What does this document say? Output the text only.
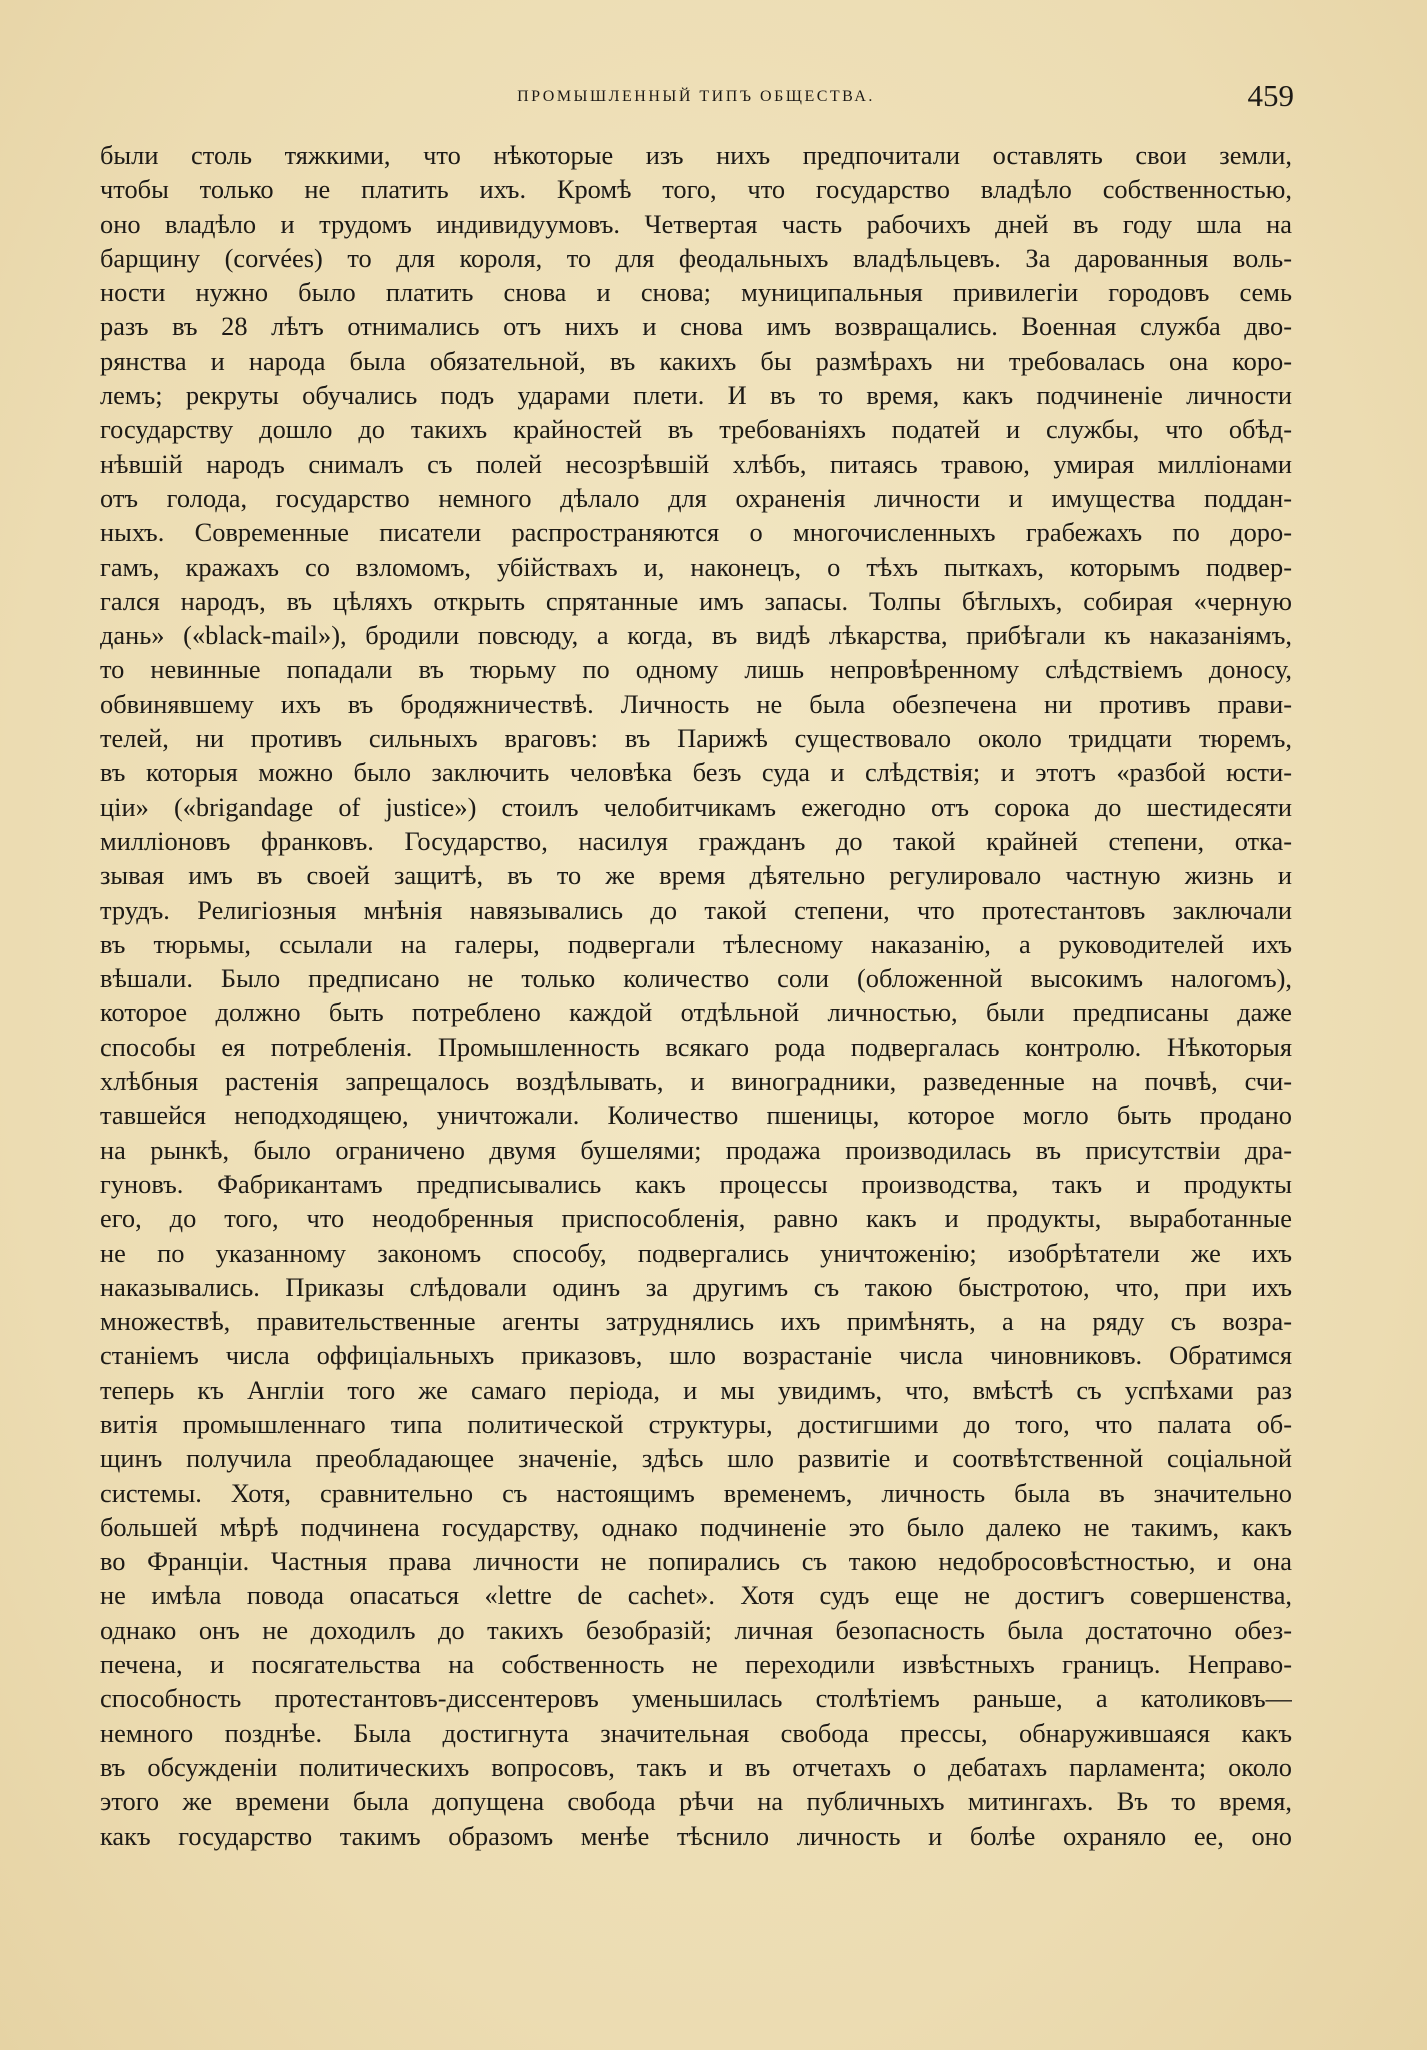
ПРОМЫШЛЕННЫЙ ТИПЪ ОБЩЕСТВА.	459
были столь тяжкими, что нѣкоторые изъ нихъ предпочитали оставлять свои земли,
чтобы только не платить ихъ. Кромѣ того, что государство владѣло собственностью,
оно владѣло и трудомъ индивидуумовъ. Четвертая часть рабочихъ дней въ году шла на
барщину (corvées) то для короля, то для феодальныхъ владѣльцевъ. За дарованныя воль-
ности нужно было платить снова и снова; муниципальныя привилегіи городовъ семь
разъ въ 28 лѣтъ отнимались отъ нихъ и снова имъ возвращались. Военная служба дво-
рянства и народа была обязательной, въ какихъ бы размѣрахъ ни требовалась она коро-
лемъ; рекруты обучались подъ ударами плети. И въ то время, какъ подчиненіе личности
государству дошло до такихъ крайностей въ требованіяхъ податей и службы, что обѣд-
нѣвшій народъ снималъ съ полей несозрѣвшій хлѣбъ, питаясь травою, умирая милліонами
отъ голода, государство немного дѣлало для охраненія личности и имущества поддан-
ныхъ. Современные писатели распространяются о многочисленныхъ грабежахъ по доро-
гамъ, кражахъ со взломомъ, убійствахъ и, наконецъ, о тѣхъ пыткахъ, которымъ подвер-
гался народъ, въ цѣляхъ открыть спрятанные имъ запасы. Толпы бѣглыхъ, собирая «черную
дань» («black-mail»), бродили повсюду, а когда, въ видѣ лѣкарства, прибѣгали къ наказаніямъ,
то невинные попадали въ тюрьму по одному лишь непровѣренному слѣдствіемъ доносу,
обвинявшему ихъ въ бродяжничествѣ. Личность не была обезпечена ни противъ прави-
телей, ни противъ сильныхъ враговъ: въ Парижѣ существовало около тридцати тюремъ,
въ которыя можно было заключить человѣка безъ суда и слѣдствія; и этотъ «разбой юсти-
ціи» («brigandage of justice») стоилъ челобитчикамъ ежегодно отъ сорока до шестидесяти
милліоновъ франковъ. Государство, насилуя гражданъ до такой крайней степени, отка-
зывая имъ въ своей защитѣ, въ то же время дѣятельно регулировало частную жизнь и
трудъ. Религіозныя мнѣнія навязывались до такой степени, что протестантовъ заключали
въ тюрьмы, ссылали на галеры, подвергали тѣлесному наказанію, а руководителей ихъ
вѣшали. Было предписано не только количество соли (обложенной высокимъ налогомъ),
которое должно быть потреблено каждой отдѣльной личностью, были предписаны даже
способы ея потребленія. Промышленность всякаго рода подвергалась контролю. Нѣкоторыя
хлѣбныя растенія запрещалось воздѣлывать, и виноградники, разведенные на почвѣ, счи-
тавшейся неподходящею, уничтожали. Количество пшеницы, которое могло быть продано
на рынкѣ, было ограничено двумя бушелями; продажа производилась въ присутствіи дра-
гуновъ. Фабрикантамъ предписывались какъ процессы производства, такъ и продукты
его, до того, что неодобренныя приспособленія, равно какъ и продукты, выработанные
не по указанному закономъ способу, подвергались уничтоженію; изобрѣтатели же ихъ
наказывались. Приказы слѣдовали одинъ за другимъ съ такою быстротою, что, при ихъ
множествѣ, правительственные агенты затруднялись ихъ примѣнять, а на ряду съ возра-
станіемъ числа оффиціальныхъ приказовъ, шло возрастаніе числа чиновниковъ. Обратимся
теперь къ Англіи того же самаго періода, и мы увидимъ, что, вмѣстѣ съ успѣхами раз
витія промышленнаго типа политической структуры, достигшими до того, что палата об-
щинъ получила преобладающее значеніе, здѣсь шло развитіе и соотвѣтственной соціальной
системы. Хотя, сравнительно съ настоящимъ временемъ, личность была въ значительно
большей мѣрѣ подчинена государству, однако подчиненіе это было далеко не такимъ, какъ
во Франціи. Частныя права личности не попирались съ такою недобросовѣстностью, и она
не имѣла повода опасаться «lettre de cachet». Хотя судъ еще не достигъ совершенства,
однако онъ не доходилъ до такихъ безобразій; личная безопасность была достаточно обез-
печена, и посягательства на собственность не переходили извѣстныхъ границъ. Неправо-
способность протестантовъ-диссентеровъ уменьшилась столѣтіемъ раньше, а католиковъ—
немного позднѣе. Была достигнута значительная свобода прессы, обнаружившаяся какъ
въ обсужденіи политическихъ вопросовъ, такъ и въ отчетахъ о дебатахъ парламента; около
этого же времени была допущена свобода рѣчи на публичныхъ митингахъ. Въ то время,
какъ государство такимъ образомъ менѣе тѣснило личность и болѣе охраняло ее, оно
